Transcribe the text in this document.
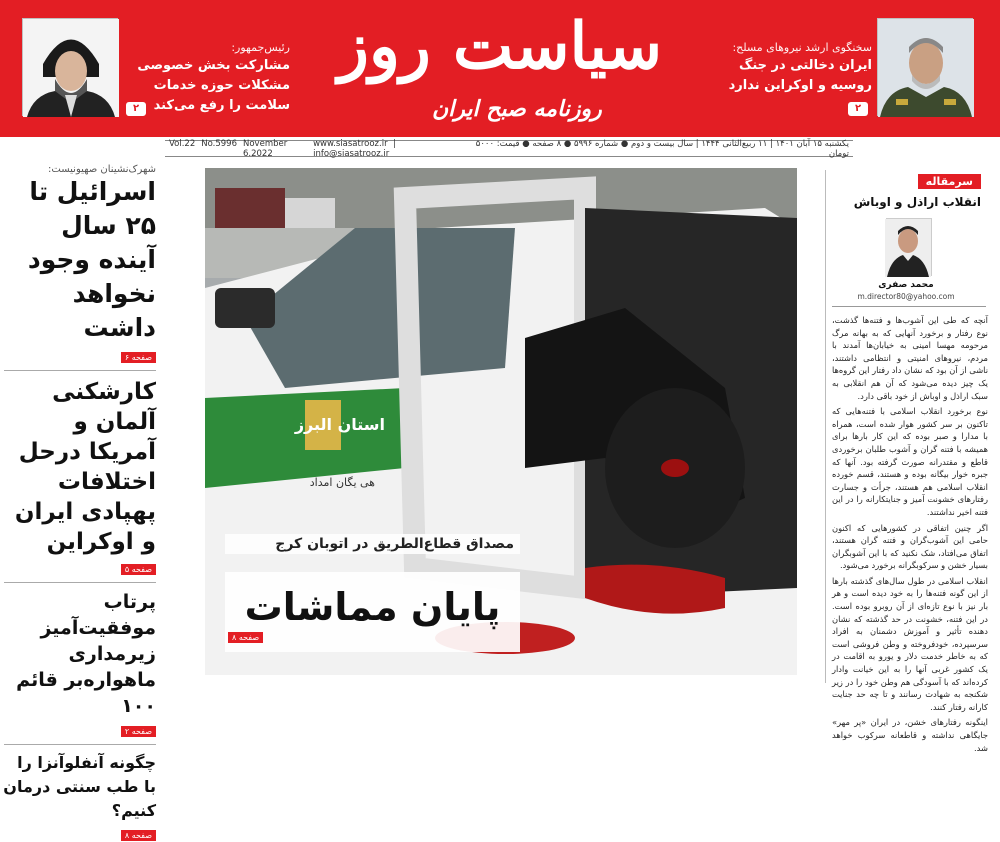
رئیس‌جمهور:
مشارکت بخش خصوصی مشکلات حوزه خدمات سلامت را رفع می‌کند
۲
سیاست روز
روزنامه صبح ایران
سخنگوی ارشد نیروهای مسلح:
ایران دخالتی در جنگ روسیه و اوکراین ندارد
۲
Vol.22 No.5996 November 6.2022
www.siasatrooz.ir  |  info@siasatrooz.ir
یکشنبه ۱۵ آبان ۱۴۰۱ | ۱۱ ربیع‌الثانی ۱۴۴۴ | سال بیست و دوم ● شماره ۵۹۹۶ ● ۸ صفحه ● قیمت: ۵۰۰۰ تومان
شهرک‌نشینان صهیونیست:
اسرائیل تا ۲۵ سال آینده وجود نخواهد داشت
صفحه ۶
کارشکنی آلمان و آمریکا درحل اختلافات پهپادی ایران و اوکراین
صفحه ۵
پرتاب موفقیت‌آمیز زیرمداری ماهواره‌بر قائم ۱۰۰
صفحه ۲
چگونه آنفلوآنزا را با طب سنتی درمان کنیم؟
صفحه ۸
استان البرز
هی یگان امداد
مصداق قطاع‌الطریق در اتوبان کرج
پایان مماشات
صفحه ۸
سرمقاله
انقلاب اراذل و اوباش
محمد صفری
m.director80@yahoo.com

آنچه که طی این آشوب‌ها و فتنه‌ها گذشت، نوع رفتار و برخورد آنهایی که به بهانه مرگ مرحومه مهسا امینی به خیابان‌ها آمدند با مردم، نیروهای امنیتی و انتظامی داشتند، ناشی از آن بود که نشان داد رفتار این گروه‌ها یک چیز دیده می‌شود که آن هم انقلابی به سبک اراذل و اوباش از خود باقی دارد.

نوع برخورد انقلاب اسلامی با فتنه‌هایی که تاکنون بر سر کشور هوار شده است، همراه با مدارا و صبر بوده که این کار بارها برای همیشه با فتنه گران و آشوب طلبان برخوردی قاطع و مقتدرانه صورت گرفته بود. آنها که جبره خوار بیگانه بوده و هستند، قسم خورده انقلاب اسلامی هم هستند، جرأت و جسارت رفتارهای خشونت آمیز و جنایتکارانه را در این فتنه اخیر نداشتند.

اگر چنین اتفاقی در کشورهایی که اکنون حامی این آشوب‌گران و فتنه گران هستند، اتفاق می‌افتاد، شک نکنید که با این آشوبگران بسیار خشن و سرکوبگرانه برخورد می‌شود.

انقلاب اسلامی در طول سال‌های گذشته بارها از این گونه فتنه‌ها را به خود دیده است و هر بار نیز با نوع تازه‌ای از آن روبرو بوده است. در این فتنه، خشونت در حد گذشته که نشان دهنده تأثیر و آموزش دشمنان به افراد سرسپرده، خودفروخته و وطن فروشی است که به خاطر خدمت دلار و یورو به اقامت در یک کشور غربی آنها را به این خیانت وادار کرده‌اند که با آسودگی هم وطن خود را در زیر شکنجه به شهادت رسانند و تا چه حد جنایت کارانه رفتار کنند.

اینگونه رفتارهای خشن، در ایران «پر مهر» جایگاهی نداشته و قاطعانه سرکوب خواهد شد.
